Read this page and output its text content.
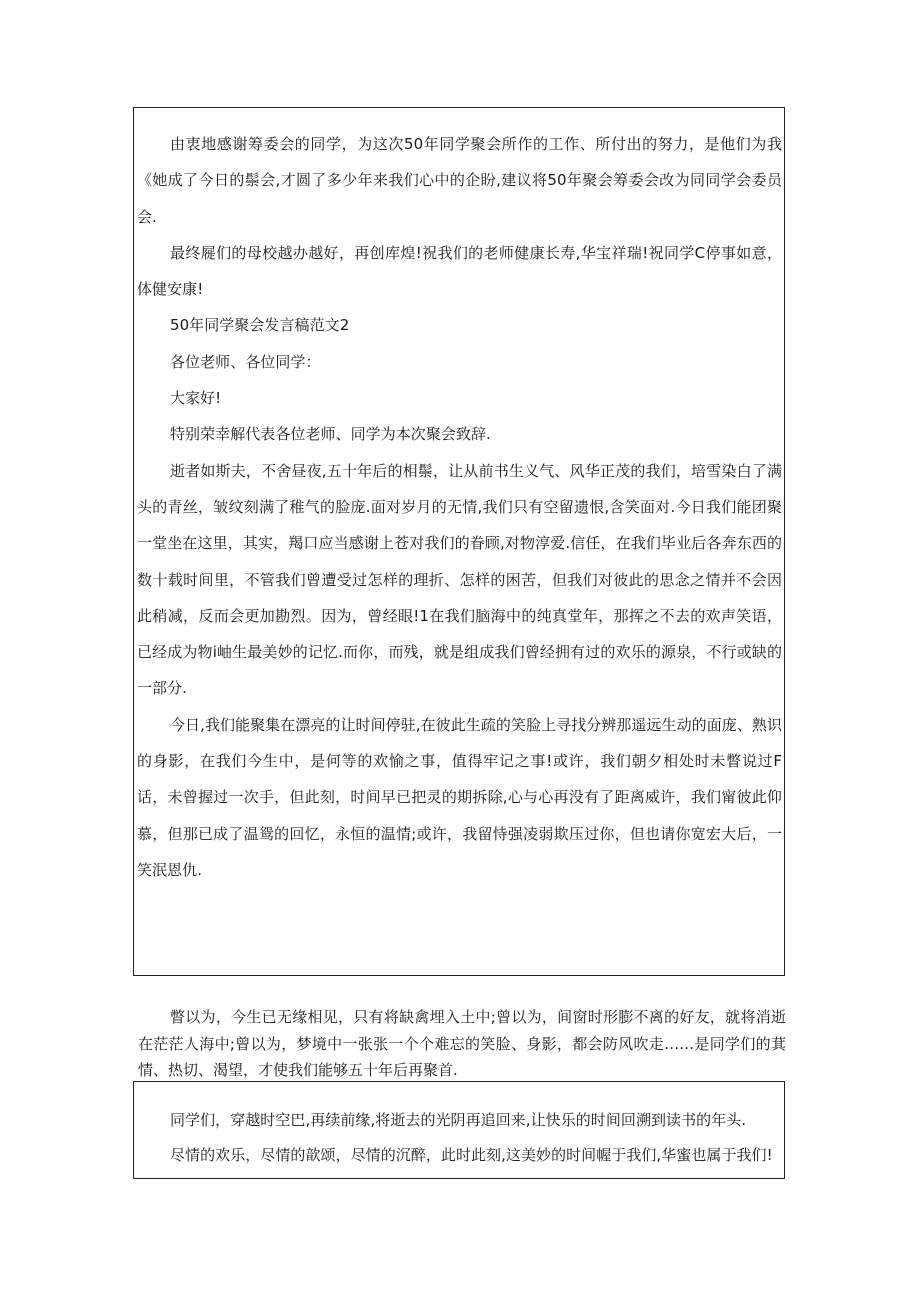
由衷地感谢筹委会的同学，为这次50年同学聚会所作的工作、所付出的努力，是他们为我《她成了今日的鬃会,才圆了多少年来我们心中的企盼,建议将50年聚会筹委会改为同同学会委员会.

最终屣们的母校越办越好，再创库煌!祝我们的老师健康长寿,华宝祥瑞!祝同学C停事如意，体健安康!

50年同学聚会发言稿范文2

各位老师、各位同学：

大家好!

特别荣幸解代表各位老师、同学为本次聚会致辞.

逝者如斯夫，不舍昼夜,五十年后的相鬃，让从前书生义气、风华正茂的我们，培雪染白了满头的青丝，皱纹刻满了稚气的脸庞.面对岁月的无情,我们只有空留遗恨,含笑面对.今日我们能团聚一堂坐在这里，其实，羯口应当感谢上苍对我们的眷顾,对物淳爱.信任，在我们毕业后各奔东西的数十载时间里，不管我们曾遭受过怎样的理折、怎样的困苦，但我们对彼此的思念之情并不会因此稍减，反而会更加勘烈。因为，曾经眼!1在我们脑海中的纯真堂年，那挥之不去的欢声笑语，已经成为物i岫生最美妙的记忆.而你，而残，就是组成我们曾经拥有过的欢乐的源泉，不行或缺的一部分.

今日,我们能聚集在漂亮的让时间停驻,在彼此生疏的笑脸上寻找分辨那遥远生动的面庞、熟识的身影，在我们今生中，是何等的欢愉之事，值得牢记之事!或许，我们朝夕相处时未瞥说过F话，未曾握过一次手，但此刻，时间早已把灵的期拆除,心与心再没有了距离威许，我们甯彼此仰慕，但那已成了温鸳的回忆，永恒的温情;或许，我留恃强凌弱欺压过你，但也请你宽宏大后，一笑泯恩仇.

瞥以为，今生已无缘相见，只有将缺禽埋入土中;曾以为，间窗时形膨不离的好友，就将消逝在茫茫人海中;曾以为，梦境中一张张一个个难忘的笑脸、身影，都会防风吹走……是同学们的萁情、热切、渴望，才使我们能够五十年后再聚首.

同学们，穿越时空巴,再续前缘,将逝去的光阴再追回来,让快乐的时间回溯到读书的年头.

尽情的欢乐，尽情的歆颂，尽情的沉醉，此时此刻,这美妙的时间幄于我们,华蜜也属于我们!
